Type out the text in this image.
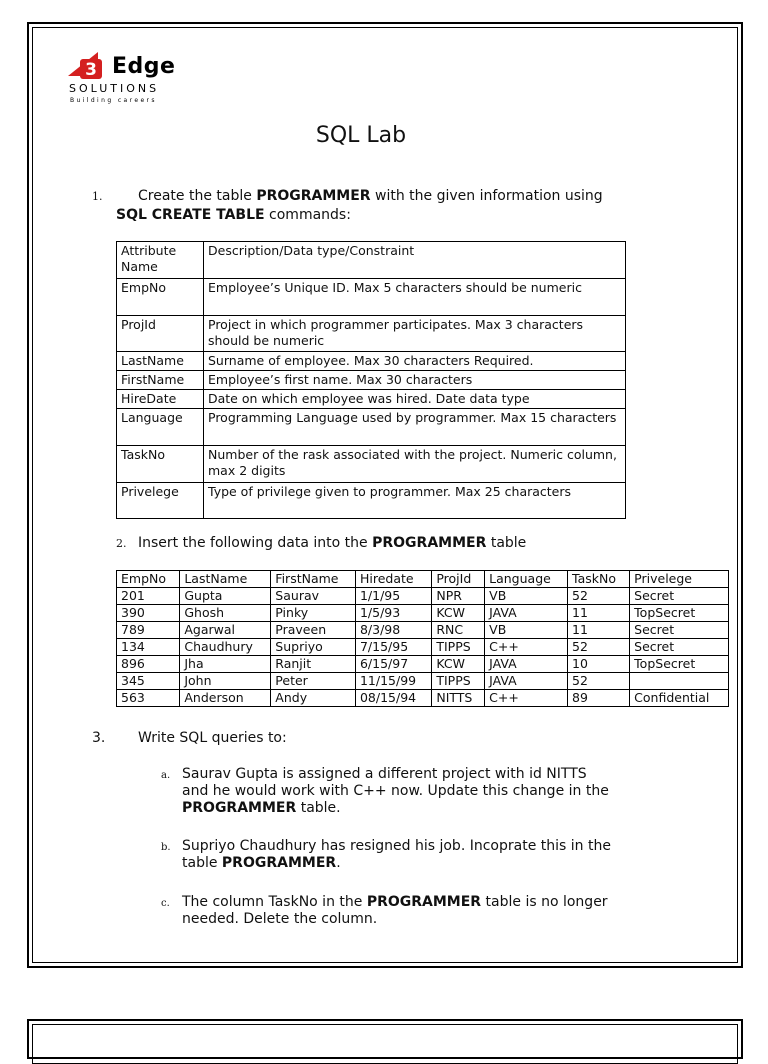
3 Edge
SOLUTIONS
Building careers
SQL Lab
1.	Create the table PROGRAMMER with the given information using
SQL CREATE TABLE commands:
Attribute Name	Description/Data type/Constraint
EmpNo	Employee’s Unique ID. Max 5 characters should be numeric
ProjId	Project in which programmer participates. Max 3 characters should be numeric
LastName	Surname of employee. Max 30 characters Required.
FirstName	Employee’s first name. Max 30 characters
HireDate	Date on which employee was hired. Date data type
Language	Programming Language used by programmer. Max 15 characters
TaskNo	Number of the rask associated with the project. Numeric column, max 2 digits
Privelege	Type of privilege given to programmer. Max 25 characters
2. Insert the following data into the PROGRAMMER table
EmpNo	LastName	FirstName	Hiredate	ProjId	Language	TaskNo	Privelege
201	Gupta	Saurav	1/1/95	NPR	VB	52	Secret
390	Ghosh	Pinky	1/5/93	KCW	JAVA	11	TopSecret
789	Agarwal	Praveen	8/3/98	RNC	VB	11	Secret
134	Chaudhury	Supriyo	7/15/95	TIPPS	C++	52	Secret
896	Jha	Ranjit	6/15/97	KCW	JAVA	10	TopSecret
345	John	Peter	11/15/99	TIPPS	JAVA	52	
563	Anderson	Andy	08/15/94	NITTS	C++	89	Confidential
3. Write SQL queries to:
a. Saurav Gupta is assigned a different project with id NITTS
and he would work with C++ now. Update this change in the
PROGRAMMER table.
b. Supriyo Chaudhury has resigned his job. Incoprate this in the
table PROGRAMMER.
c. The column TaskNo in the PROGRAMMER table is no longer
needed. Delete the column.
